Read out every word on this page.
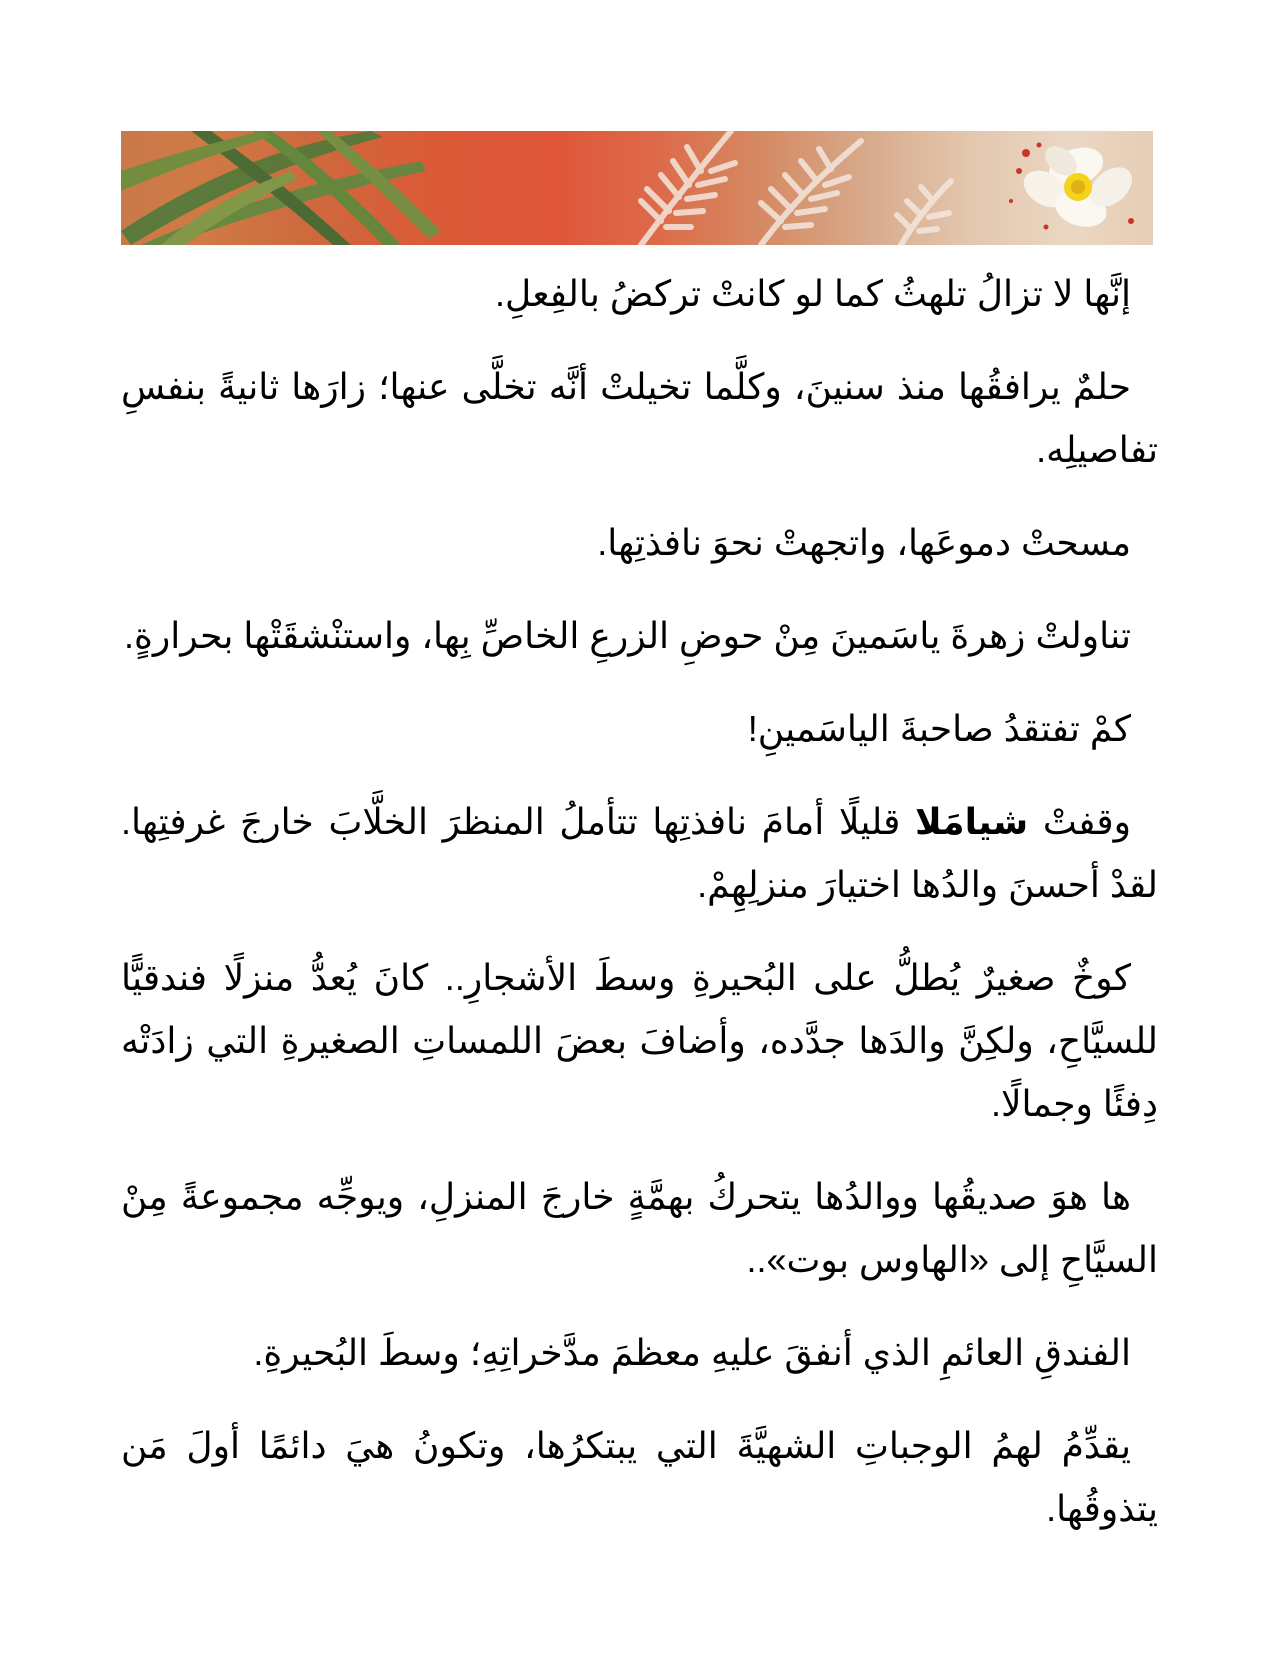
إنَّها لا تزالُ تلهثُ كما لو كانتْ تركضُ بالفِعلِ.

حلمٌ يرافقُها منذ سنينَ، وكلَّما تخيلتْ أنَّه تخلَّى عنها؛ زارَها ثانيةً بنفسِ تفاصيلِه.

مسحتْ دموعَها، واتجهتْ نحوَ نافذتِها.

تناولتْ زهرةَ ياسَمينَ مِنْ حوضِ الزرعِ الخاصِّ بِها، واستنْشقَتْها بحرارةٍ.

كمْ تفتقدُ صاحبةَ الياسَمينِ!

وقفتْ شيامَلا قليلًا أمامَ نافذتِها تتأملُ المنظرَ الخلَّابَ خارجَ غرفتِها. لقدْ أحسنَ والدُها اختيارَ منزلِهِمْ.

كوخٌ صغيرٌ يُطلُّ على البُحيرةِ وسطَ الأشجارِ.. كانَ يُعدُّ منزلًا فندقيًّا للسيَّاحِ، ولكِنَّ والدَها جدَّده، وأضافَ بعضَ اللمساتِ الصغيرةِ التي زادَتْه دِفئًا وجمالًا.

ها هوَ صديقُها ووالدُها يتحركُ بهمَّةٍ خارجَ المنزلِ، ويوجِّه مجموعةً مِنْ السيَّاحِ إلى «الهاوس بوت»..

الفندقِ العائمِ الذي أنفقَ عليهِ معظمَ مدَّخراتِهِ؛ وسطَ البُحيرةِ.

يقدِّمُ لهمُ الوجباتِ الشهيَّةَ التي يبتكرُها، وتكونُ هيَ دائمًا أولَ مَن يتذوقُها.
